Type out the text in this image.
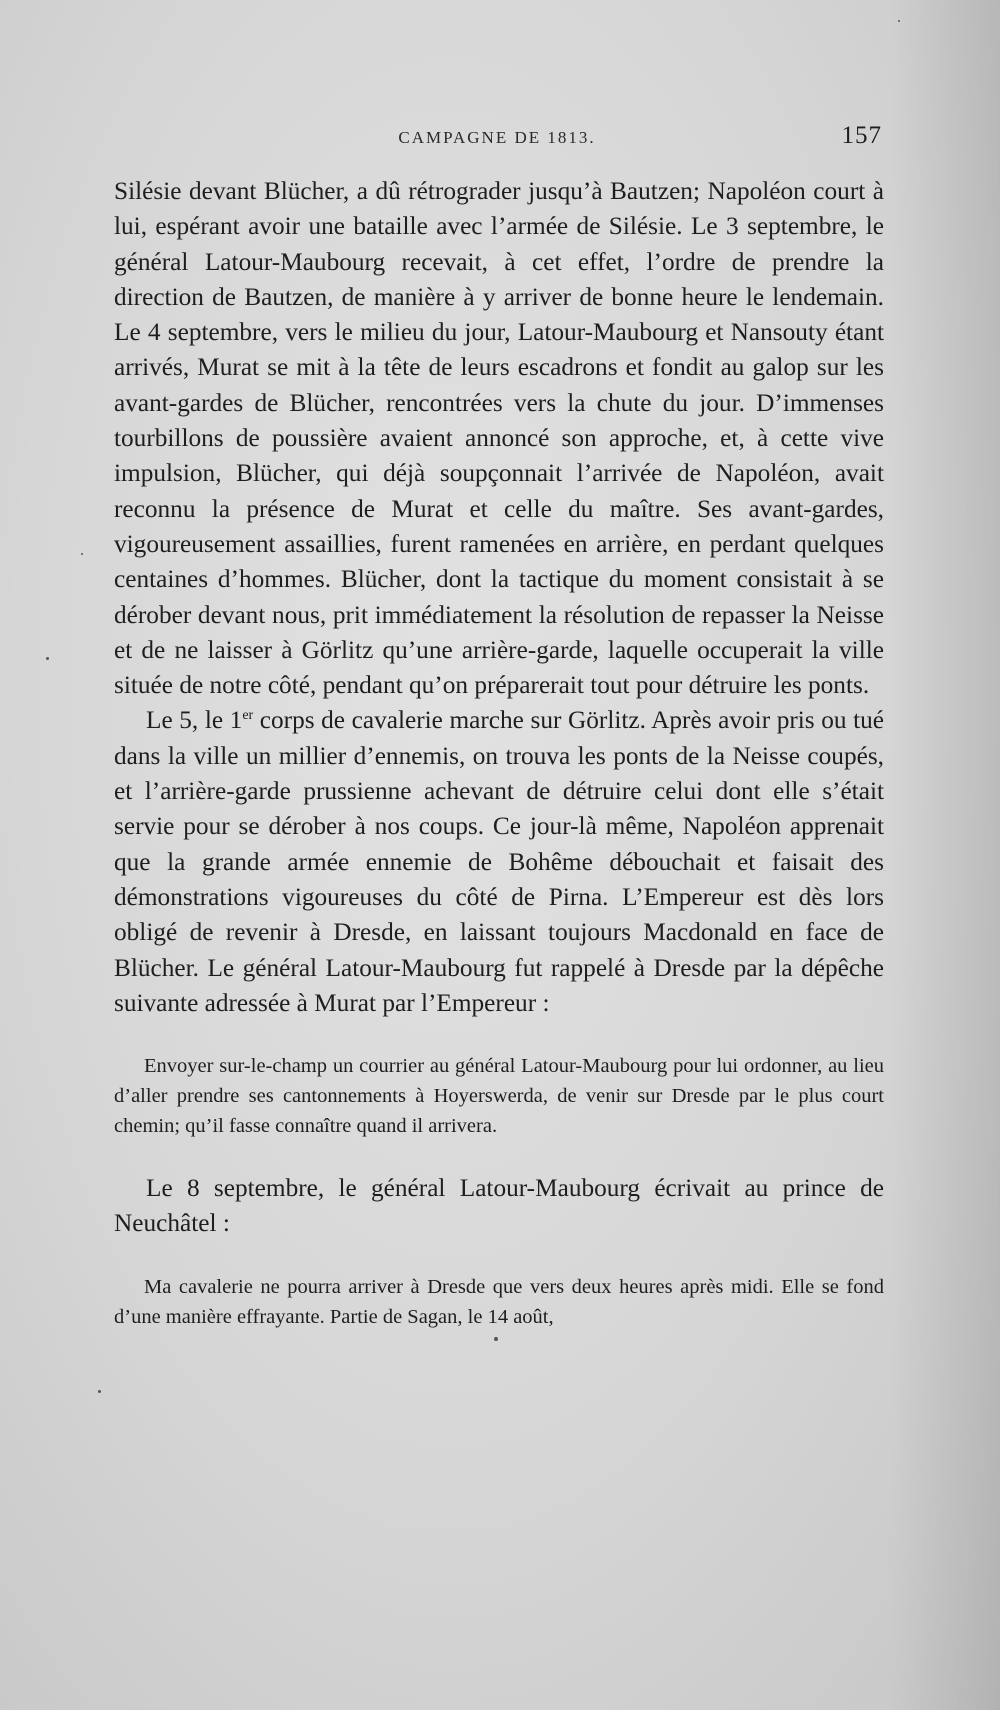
CAMPAGNE DE 1813.	157

Silésie devant Blücher, a dû rétrograder jusqu’à Bautzen; Napoléon court à lui, espérant avoir une bataille avec l’armée de Silésie. Le 3 septembre, le général Latour-Maubourg recevait, à cet effet, l’ordre de prendre la direction de Bautzen, de manière à y arriver de bonne heure le lendemain. Le 4 septembre, vers le milieu du jour, Latour-Maubourg et Nansouty étant arrivés, Murat se mit à la tête de leurs escadrons et fondit au galop sur les avant-gardes de Blücher, rencontrées vers la chute du jour. D’immenses tourbillons de poussière avaient annoncé son approche, et, à cette vive impulsion, Blücher, qui déjà soupçonnait l’arrivée de Napoléon, avait reconnu la présence de Murat et celle du maître. Ses avant-gardes, vigoureusement assaillies, furent ramenées en arrière, en perdant quelques centaines d’hommes. Blücher, dont la tactique du moment consistait à se dérober devant nous, prit immédiatement la résolution de repasser la Neisse et de ne laisser à Görlitz qu’une arrière-garde, laquelle occuperait la ville située de notre côté, pendant qu’on préparerait tout pour détruire les ponts.

Le 5, le 1er corps de cavalerie marche sur Görlitz. Après avoir pris ou tué dans la ville un millier d’ennemis, on trouva les ponts de la Neisse coupés, et l’arrière-garde prussienne achevant de détruire celui dont elle s’était servie pour se dérober à nos coups. Ce jour-là même, Napoléon apprenait que la grande armée ennemie de Bohême débouchait et faisait des démonstrations vigoureuses du côté de Pirna. L’Empereur est dès lors obligé de revenir à Dresde, en laissant toujours Macdonald en face de Blücher. Le général Latour-Maubourg fut rappelé à Dresde par la dépêche suivante adressée à Murat par l’Empereur :

Envoyer sur-le-champ un courrier au général Latour-Maubourg pour lui ordonner, au lieu d’aller prendre ses cantonnements à Hoyerswerda, de venir sur Dresde par le plus court chemin; qu’il fasse connaître quand il arrivera.

Le 8 septembre, le général Latour-Maubourg écrivait au prince de Neuchâtel :

Ma cavalerie ne pourra arriver à Dresde que vers deux heures après midi. Elle se fond d’une manière effrayante. Partie de Sagan, le 14 août,
